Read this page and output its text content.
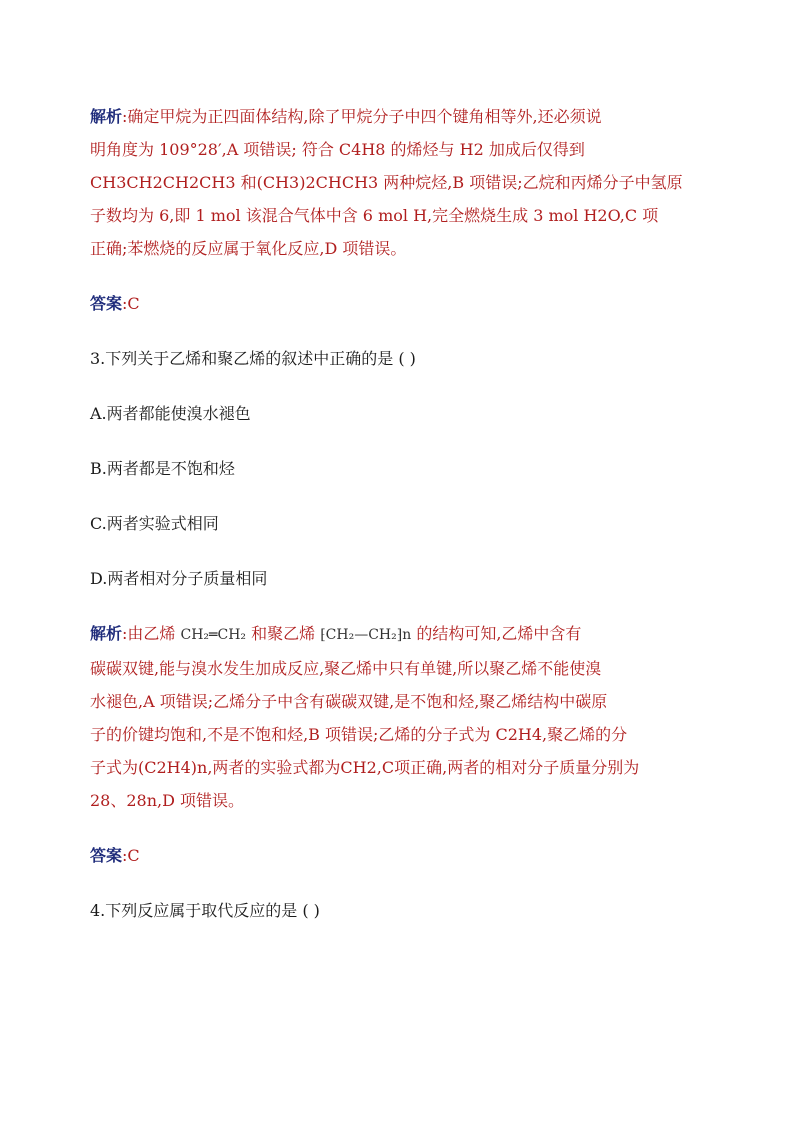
解析:确定甲烷为正四面体结构,除了甲烷分子中四个键角相等外,还必须说

明角度为 109°28′,A 项错误; 符合 C4H8 的烯烃与 H2 加成后仅得到

CH3CH2CH2CH3 和(CH3)2CHCH3 两种烷烃,B 项错误;乙烷和丙烯分子中氢原

子数均为 6,即 1 mol 该混合气体中含 6 mol H,完全燃烧生成 3 mol H2O,C 项

正确;苯燃烧的反应属于氧化反应,D 项错误。

答案:C

3.下列关于乙烯和聚乙烯的叙述中正确的是 ( )

A.两者都能使溴水褪色

B.两者都是不饱和烃

C.两者实验式相同

D.两者相对分子质量相同

解析:由乙烯 CH₂═CH₂ 和聚乙烯 ⁅CH₂—CH₂⁆n 的结构可知,乙烯中含有

碳碳双键,能与溴水发生加成反应,聚乙烯中只有单键,所以聚乙烯不能使溴

水褪色,A 项错误;乙烯分子中含有碳碳双键,是不饱和烃,聚乙烯结构中碳原

子的价键均饱和,不是不饱和烃,B 项错误;乙烯的分子式为 C2H4,聚乙烯的分

子式为(C2H4)n,两者的实验式都为CH2,C项正确,两者的相对分子质量分别为

28、28n,D 项错误。

答案:C

4.下列反应属于取代反应的是 ( )
